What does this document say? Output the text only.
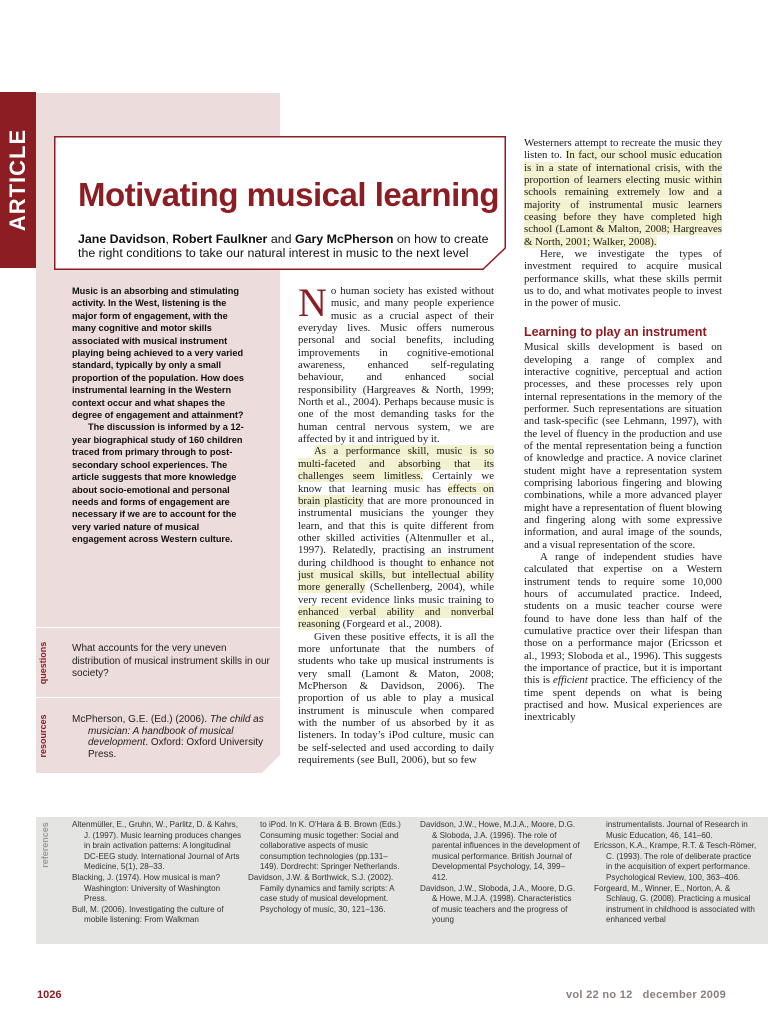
ARTICLE Motivating musical learning
Jane Davidson, Robert Faulkner and Gary McPherson on how to create the right conditions to take our natural interest in music to the next level

Music is an absorbing and stimulating activity. In the West, listening is the major form of engagement, with the many cognitive and motor skills associated with musical instrument playing being achieved to a very varied standard, typically by only a small proportion of the population. How does instrumental learning in the Western context occur and what shapes the degree of engagement and attainment?

The discussion is informed by a 12-year biographical study of 160 children traced from primary through to post-secondary school experiences. The article suggests that more knowledge about socio-emotional and personal needs and forms of engagement are necessary if we are to account for the very varied nature of musical engagement across Western culture.

questions What accounts for the very uneven distribution of musical instrument skills in our society?
resources McPherson, G.E. (Ed.) (2006). The child as musician: A handbook of musical development. Oxford: Oxford University Press.

No human society has existed without music, and many people experience music as a crucial aspect of their everyday lives. Music offers numerous personal and social benefits, including improvements in cognitive-emotional awareness, enhanced self-regulating behaviour, and enhanced social responsibility (Hargreaves & North, 1999; North et al., 2004). Perhaps because music is one of the most demanding tasks for the human central nervous system, we are affected by it and intrigued by it.

As a performance skill, music is so multi-faceted and absorbing that its challenges seem limitless. Certainly we know that learning music has effects on brain plasticity that are more pronounced in instrumental musicians the younger they learn, and that this is quite different from other skilled activities (Altenmuller et al., 1997). Relatedly, practising an instrument during childhood is thought to enhance not just musical skills, but intellectual ability more generally (Schellenberg, 2004), while very recent evidence links music training to enhanced verbal ability and nonverbal reasoning (Forgeard et al., 2008).

Given these positive effects, it is all the more unfortunate that the numbers of students who take up musical instruments is very small (Lamont & Maton, 2008; McPherson & Davidson, 2006). The proportion of us able to play a musical instrument is minuscule when compared with the number of us absorbed by it as listeners. In today’s iPod culture, music can be self-selected and used according to daily requirements (see Bull, 2006), but so few

Westerners attempt to recreate the music they listen to. In fact, our school music education is in a state of international crisis, with the proportion of learners electing music within schools remaining extremely low and a majority of instrumental music learners ceasing before they have completed high school (Lamont & Malton, 2008; Hargreaves & North, 2001; Walker, 2008).

Here, we investigate the types of investment required to acquire musical performance skills, what these skills permit us to do, and what motivates people to invest in the power of music.

Learning to play an instrument

Musical skills development is based on developing a range of complex and interactive cognitive, perceptual and action processes, and these processes rely upon internal representations in the memory of the performer. Such representations are situation and task-specific (see Lehmann, 1997), with the level of fluency in the production and use of the mental representation being a function of knowledge and practice. A novice clarinet student might have a representation system comprising laborious fingering and blowing combinations, while a more advanced player might have a representation of fluent blowing and fingering along with some expressive information, and aural image of the sounds, and a visual representation of the score.

A range of independent studies have calculated that expertise on a Western instrument tends to require some 10,000 hours of accumulated practice. Indeed, students on a music teacher course were found to have done less than half of the cumulative practice over their lifespan than those on a performance major (Ericsson et al., 1993; Sloboda et al., 1996). This suggests the importance of practice, but it is important this is efficient practice. The efficiency of the time spent depends on what is being practised and how. Musical experiences are inextricably

references	Altenmüller, E., Gruhn, W., Parlitz, D. & Kahrs, J. (1997). Music learning produces changes in brain activation patterns: A longitudinal DC-EEG study. International Journal of Arts Medicine, 5(1), 28–33.
Blacking, J. (1974). How musical is man? Washington: University of Washington Press.
Bull, M. (2006). Investigating the culture of mobile listening: From Walkman
to iPod. In K. O’Hara & B. Brown (Eds.) Consuming music together: Social and collaborative aspects of music consumption technologies (pp.131–149). Dordrecht: Springer Netherlands.
Davidson, J.W. & Borthwick, S.J. (2002). Family dynamics and family scripts: A case study of musical development. Psychology of music, 30, 121–136.
Davidson, J.W., Howe, M.J.A., Moore, D.G. & Sloboda, J.A. (1996). The role of parental influences in the development of musical performance. British Journal of Developmental Psychology, 14, 399–412.
Davidson, J.W., Sloboda, J.A., Moore, D.G. & Howe, M.J.A. (1998). Characteristics of music teachers and the progress of young
instrumentalists. Journal of Research in Music Education, 46, 141–60.
Ericsson, K.A., Krampe, R.T. & Tesch-Römer, C. (1993). The role of deliberate practice in the acquisition of expert performance. Psychological Review, 100, 363–406.
Forgeard, M., Winner, E., Norton, A. & Schlaug, G. (2008). Practicing a musical instrument in childhood is associated with enhanced verbal
1026	vol 22 no 12   december 2009
